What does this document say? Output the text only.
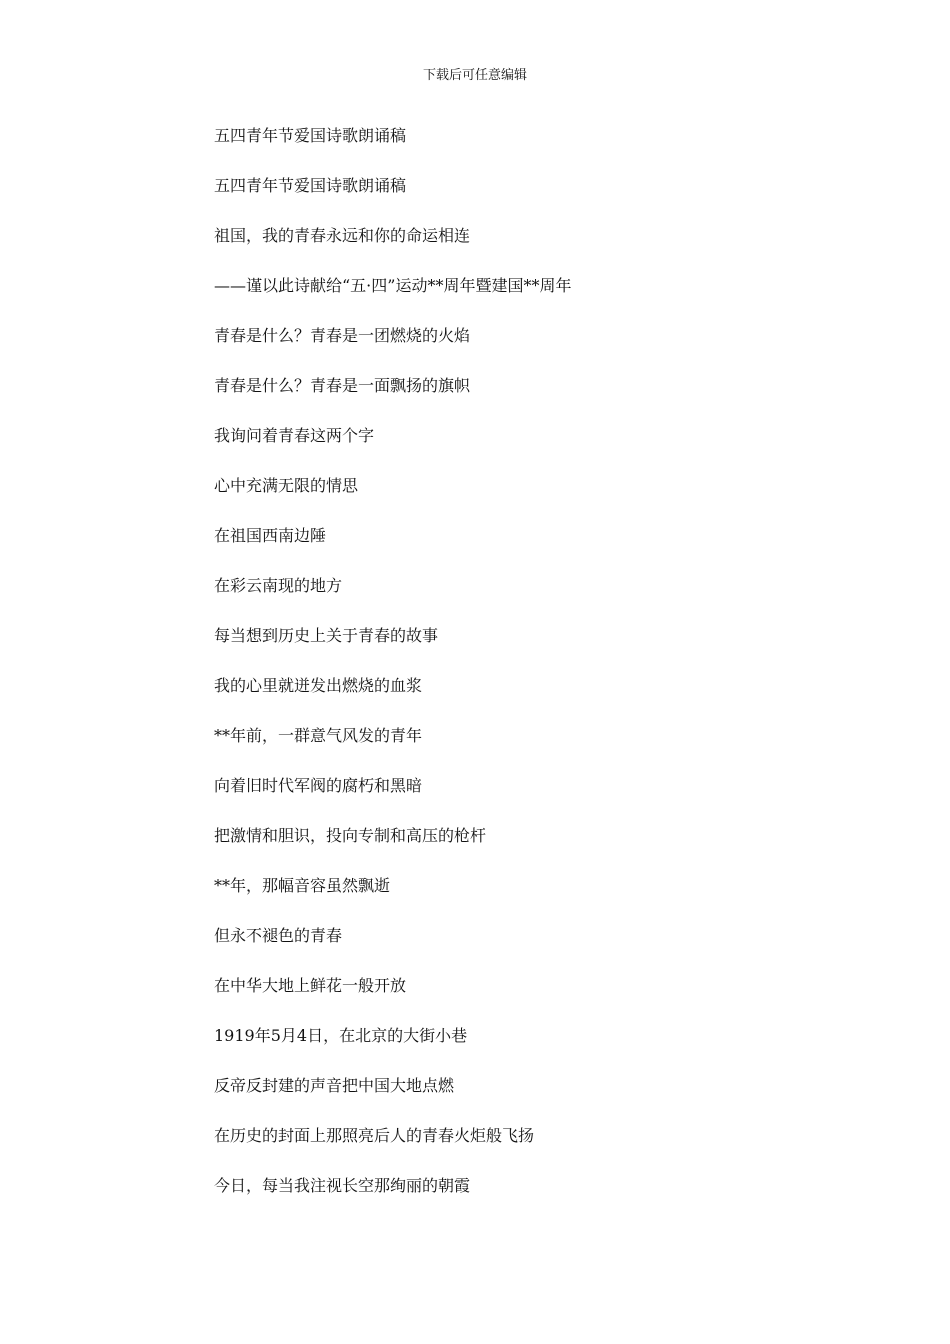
下载后可任意编辑
五四青年节爱国诗歌朗诵稿
五四青年节爱国诗歌朗诵稿
祖国，我的青春永远和你的命运相连
——谨以此诗献给“五·四”运动**周年暨建国**周年
青春是什么？青春是一团燃烧的火焰
青春是什么？青春是一面飘扬的旗帜
我询问着青春这两个字
心中充满无限的情思
在祖国西南边陲
在彩云南现的地方
每当想到历史上关于青春的故事
我的心里就迸发出燃烧的血浆
**年前，一群意气风发的青年
向着旧时代军阀的腐朽和黑暗
把激情和胆识，投向专制和高压的枪杆
**年，那幅音容虽然飘逝
但永不褪色的青春
在中华大地上鲜花一般开放
1919年5月4日，在北京的大街小巷
反帝反封建的声音把中国大地点燃
在历史的封面上那照亮后人的青春火炬般飞扬
今日，每当我注视长空那绚丽的朝霞
